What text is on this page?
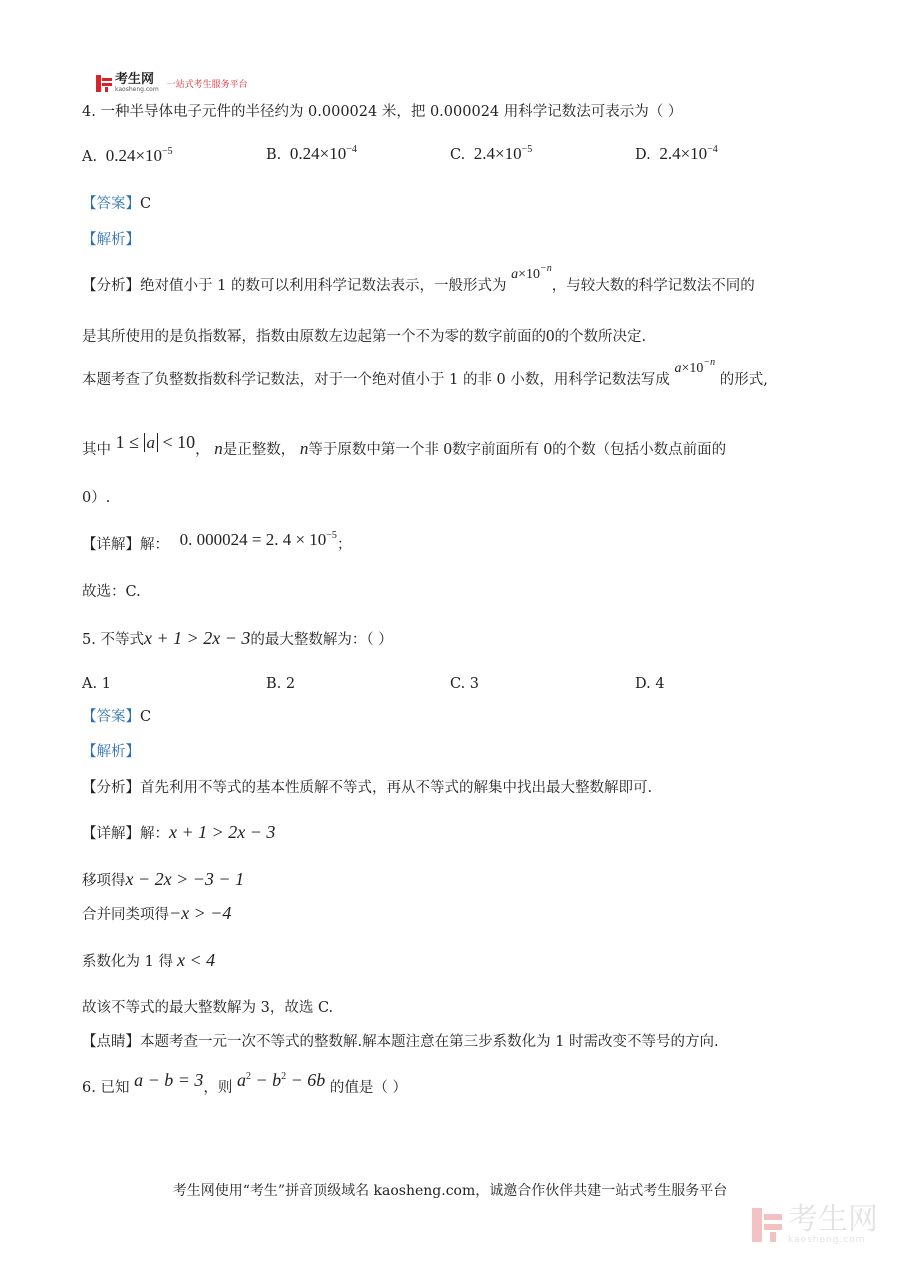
考生网
kaosheng.com 一站式考生服务平台
4. 一种半导体电子元件的半径约为 0.000024 米，把 0.000024 用科学记数法可表示为（ ）
A. $0.24\times 10^{-5}$	B. $0.24\times 10^{-4}$	C. $2.4\times 10^{-5}$	D. $2.4\times 10^{-4}$
【答案】C
【解析】
【分析】绝对值小于 1 的数可以利用科学记数法表示，一般形式为 $a\times 10^{-n}$，与较大数的科学记数法不同的
是其所使用的是负指数幂，指数由原数左边起第一个不为零的数字前面的0的个数所决定.
本题考查了负整数指数科学记数法，对于一个绝对值小于 1 的非 0 小数，用科学记数法写成 $a\times 10^{-n}$ 的形式,
其中 1 ≤ a < 10， n是正整数， n等于原数中第一个非 0数字前面所有 0的个数（包括小数点前面的
0）.
【详解】解： 0. 000024 = 2. $4 \times 10^{-5}$；
故选：C.
5. 不等式x + 1 > 2x − 3的最大整数解为：（ ）
A. 1	B. 2	C. 3	D. 4
【答案】C
【解析】
【分析】首先利用不等式的基本性质解不等式，再从不等式的解集中找出最大整数解即可.
【详解】解：x + 1 > 2x − 3
移项得x − 2x > −3 − 1
合并同类项得−x > −4
系数化为 1 得 x < 4
故该不等式的最大整数解为 3，故选 C.
【点睛】本题考查一元一次不等式的整数解.解本题注意在第三步系数化为 1 时需改变不等号的方向.
6. 已知 a − b = 3，则 $a^2 - b^2 - 6b$ 的值是（ ）
考生网使用“考生”拼音顶级域名 kaosheng.com，诚邀合作伙伴共建一站式考生服务平台
考生网
kaosheng.com
